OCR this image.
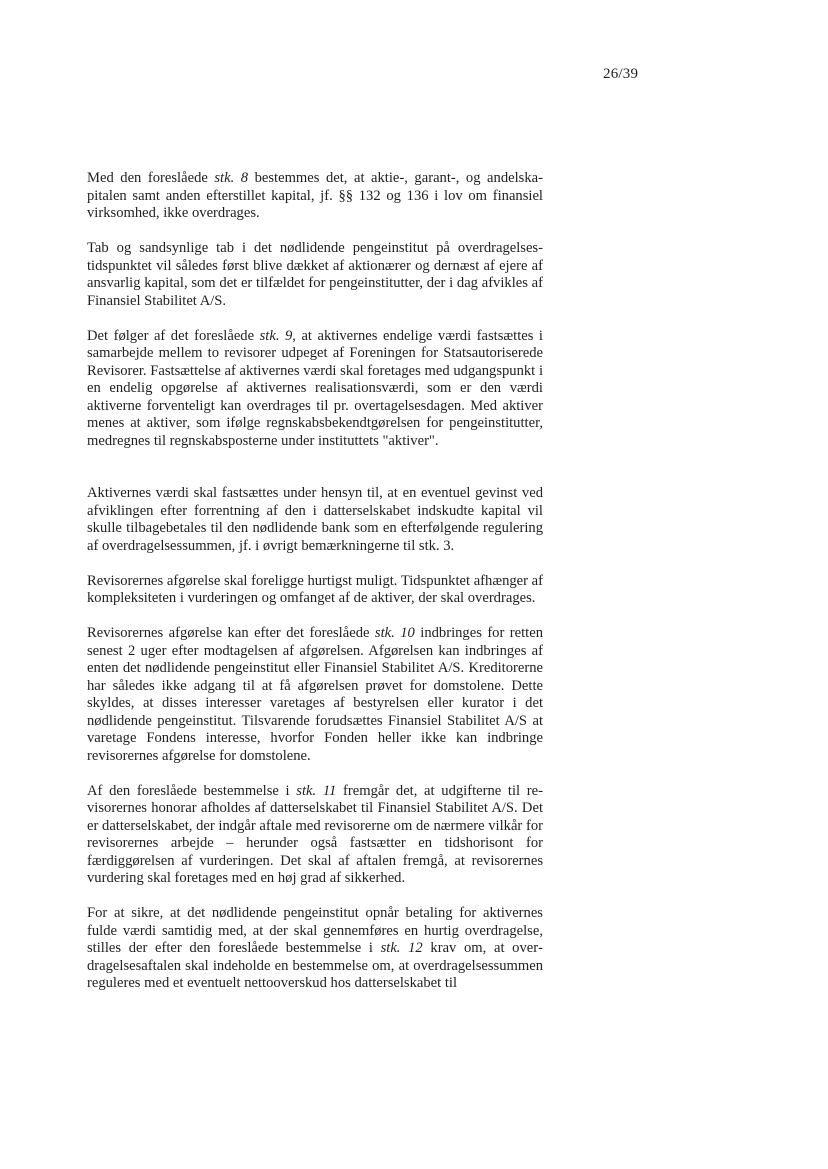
26/39

Med den foreslåede stk. 8 bestemmes det, at aktie-, garant-, og andelskapitalen samt anden efterstillet kapital, jf. §§ 132 og 136 i lov om finansiel virksomhed, ikke overdrages.

Tab og sandsynlige tab i det nødlidende pengeinstitut på overdragelsestidspunktet vil således først blive dækket af aktionærer og dernæst af ejere af ansvarlig kapital, som det er tilfældet for pengeinstitutter, der i dag afvikles af Finansiel Stabilitet A/S.

Det følger af det foreslåede stk. 9, at aktivernes endelige værdi fastsættes i samarbejde mellem to revisorer udpeget af Foreningen for Statsautoriserede Revisorer. Fastsættelse af aktivernes værdi skal foretages med udgangspunkt i en endelig opgørelse af aktivernes realisationsværdi, som er den værdi aktiverne forventeligt kan overdrages til pr. overtagelsesdagen. Med aktiver menes at aktiver, som ifølge regnskabsbekendtgørelsen for pengeinstitutter, medregnes til regnskabsposterne under instituttets "aktiver".

Aktivernes værdi skal fastsættes under hensyn til, at en eventuel gevinst ved afviklingen efter forrentning af den i datterselskabet indskudte kapital vil skulle tilbagebetales til den nødlidende bank som en efterfølgende regulering af overdragelsessummen, jf. i øvrigt bemærkningerne til stk. 3.

Revisorernes afgørelse skal foreligge hurtigst muligt. Tidspunktet afhænger af kompleksiteten i vurderingen og omfanget af de aktiver, der skal overdrages.

Revisorernes afgørelse kan efter det foreslåede stk. 10 indbringes for retten senest 2 uger efter modtagelsen af afgørelsen. Afgørelsen kan indbringes af enten det nødlidende pengeinstitut eller Finansiel Stabilitet A/S. Kreditorerne har således ikke adgang til at få afgørelsen prøvet for domstolene. Dette skyldes, at disses interesser varetages af bestyrelsen eller kurator i det nødlidende pengeinstitut. Tilsvarende forudsættes Finansiel Stabilitet A/S at varetage Fondens interesse, hvorfor Fonden heller ikke kan indbringe revisorernes afgørelse for domstolene.

Af den foreslåede bestemmelse i stk. 11 fremgår det, at udgifterne til revisorernes honorar afholdes af datterselskabet til Finansiel Stabilitet A/S. Det er datterselskabet, der indgår aftale med revisorerne om de nærmere vilkår for revisorernes arbejde – herunder også fastsætter en tidshorisont for færdiggørelsen af vurderingen. Det skal af aftalen fremgå, at revisorernes vurdering skal foretages med en høj grad af sikkerhed.

For at sikre, at det nødlidende pengeinstitut opnår betaling for aktivernes fulde værdi samtidig med, at der skal gennemføres en hurtig overdragelse, stilles der efter den foreslåede bestemmelse i stk. 12 krav om, at overdragelsesaftalen skal indeholde en bestemmelse om, at overdragelsessummen reguleres med et eventuelt nettooverskud hos datterselskabet til
